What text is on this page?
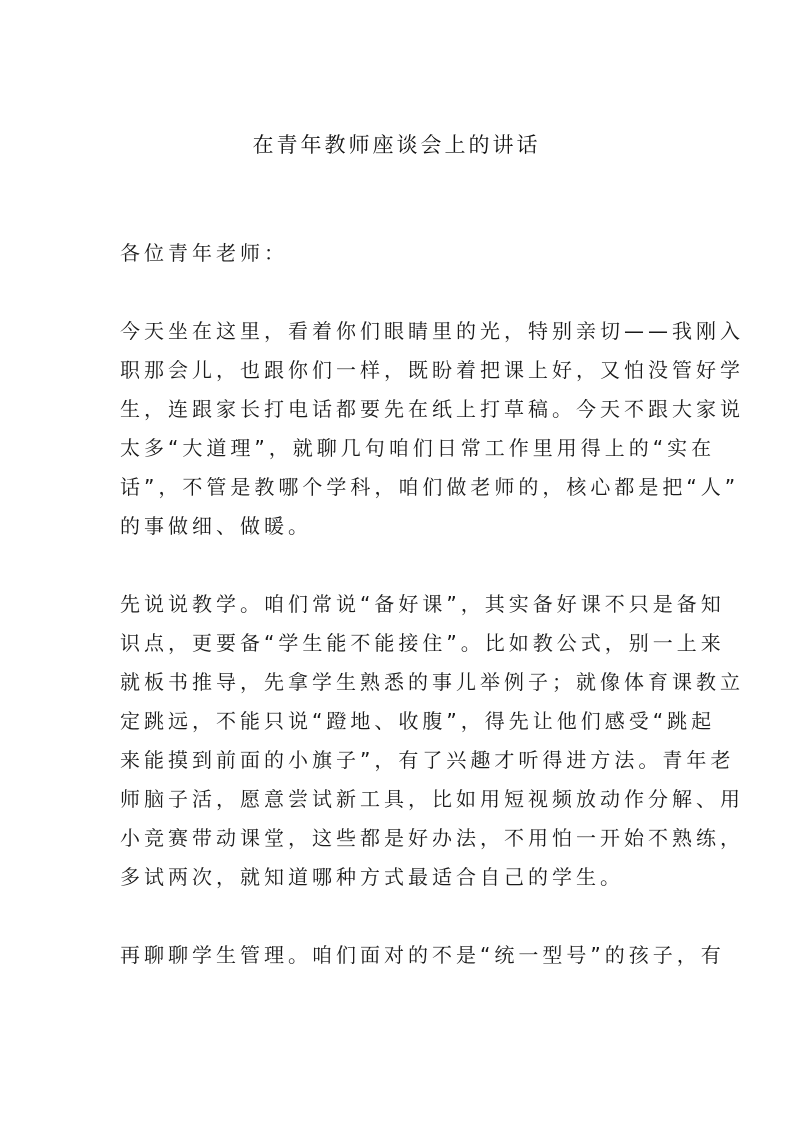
在青年教师座谈会上的讲话
各位青年老师：
今天坐在这里，看着你们眼睛里的光，特别亲切——我刚入
职那会儿，也跟你们一样，既盼着把课上好，又怕没管好学
生，连跟家长打电话都要先在纸上打草稿。今天不跟大家说
太多“大道理”，就聊几句咱们日常工作里用得上的“实在
话”，不管是教哪个学科，咱们做老师的，核心都是把“人”
的事做细、做暖。
先说说教学。咱们常说“备好课”，其实备好课不只是备知
识点，更要备“学生能不能接住”。比如教公式，别一上来
就板书推导，先拿学生熟悉的事儿举例子；就像体育课教立
定跳远，不能只说“蹬地、收腹”，得先让他们感受“跳起
来能摸到前面的小旗子”，有了兴趣才听得进方法。青年老
师脑子活，愿意尝试新工具，比如用短视频放动作分解、用
小竞赛带动课堂，这些都是好办法，不用怕一开始不熟练，
多试两次，就知道哪种方式最适合自己的学生。
再聊聊学生管理。咱们面对的不是“统一型号”的孩子，有
